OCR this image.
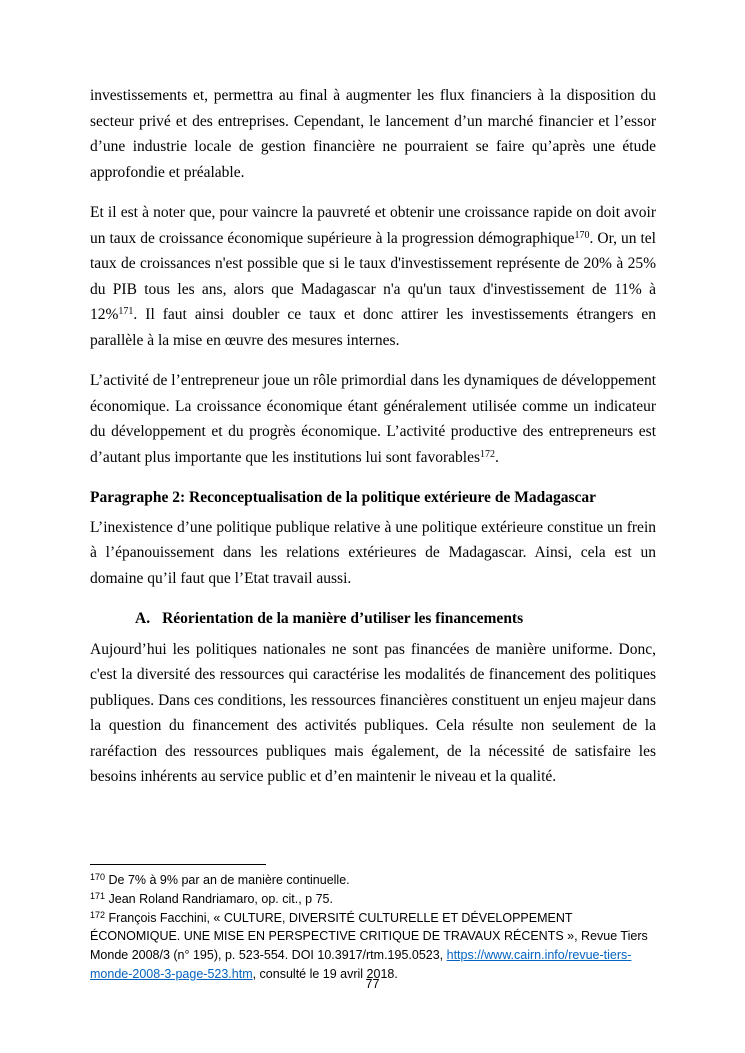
investissements et, permettra au final à augmenter les flux financiers à la disposition du secteur privé et des entreprises. Cependant, le lancement d’un marché financier et l’essor d’une industrie locale de gestion financière ne pourraient se faire qu’après une étude approfondie et préalable.

Et il est à noter que, pour vaincre la pauvreté et obtenir une croissance rapide on doit avoir un taux de croissance économique supérieure à la progression démographique$^{170}$. Or, un tel taux de croissances n'est possible que si le taux d'investissement représente de 20% à 25% du PIB tous les ans, alors que Madagascar n'a qu'un taux d'investissement de 11% à 12%$^{171}$. Il faut ainsi doubler ce taux et donc attirer les investissements étrangers en parallèle à la mise en œuvre des mesures internes.

L’activité de l’entrepreneur joue un rôle primordial dans les dynamiques de développement économique. La croissance économique étant généralement utilisée comme un indicateur du développement et du progrès économique. L’activité productive des entrepreneurs est d’autant plus importante que les institutions lui sont favorables$^{172}$.

Paragraphe 2: Reconceptualisation de la politique extérieure de Madagascar

L’inexistence d’une politique publique relative à une politique extérieure constitue un frein à l’épanouissement dans les relations extérieures de Madagascar. Ainsi, cela est un domaine qu’il faut que l’Etat travail aussi.

A. Réorientation de la manière d’utiliser les financements

Aujourd’hui les politiques nationales ne sont pas financées de manière uniforme. Donc, c'est la diversité des ressources qui caractérise les modalités de financement des politiques publiques. Dans ces conditions, les ressources financières constituent un enjeu majeur dans la question du financement des activités publiques. Cela résulte non seulement de la raréfaction des ressources publiques mais également, de la nécessité de satisfaire les besoins inhérents au service public et d’en maintenir le niveau et la qualité.

$^{170}$ De 7% à 9% par an de manière continuelle.
$^{171}$ Jean Roland Randriamaro, op. cit., p 75.
$^{172}$ François Facchini, « CULTURE, DIVERSITÉ CULTURELLE ET DÉVELOPPEMENT ÉCONOMIQUE. UNE MISE EN PERSPECTIVE CRITIQUE DE TRAVAUX RÉCENTS », Revue Tiers Monde 2008/3 (n° 195), p. 523-554. DOI 10.3917/rtm.195.0523, https://www.cairn.info/revue-tiers-monde-2008-3-page-523.htm, consulté le 19 avril 2018.
77
